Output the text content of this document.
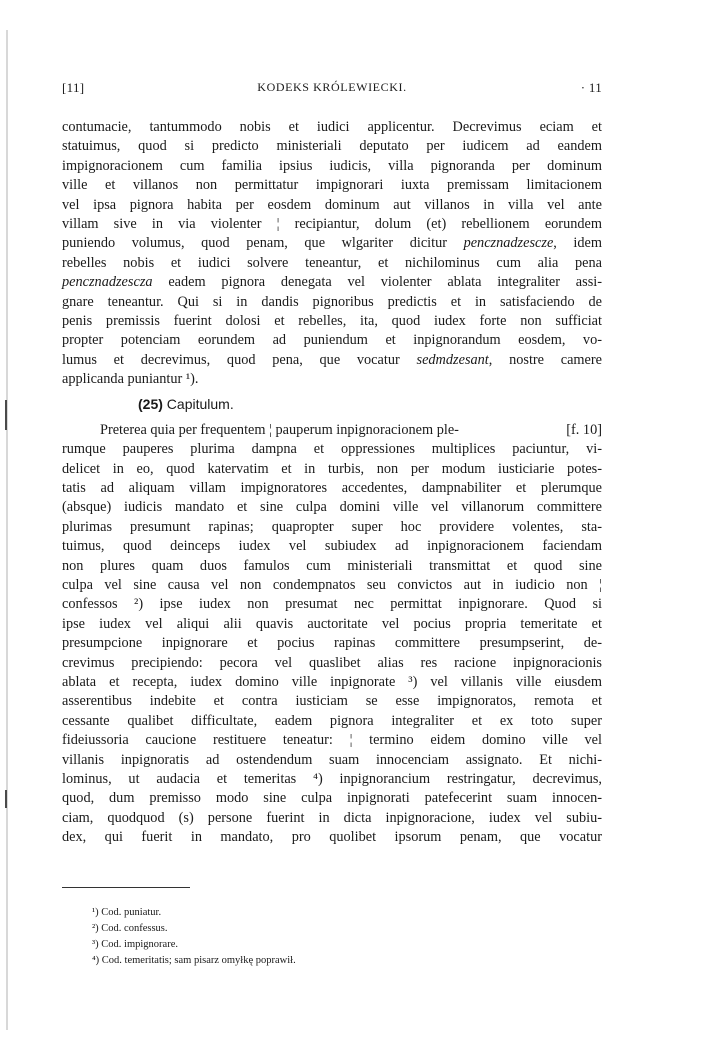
[11]	KODEKS KRÓLEWIECKI.	· 11
contumacie, tantummodo nobis et iudici applicentur. Decrevimus eciam et
statuimus, quod si predicto ministeriali deputato per iudicem ad eandem
impignoracionem cum familia ipsius iudicis, villa pignoranda per dominum
ville et villanos non permittatur impignorari iuxta premissam limitacionem
vel ipsa pignora habita per eosdem dominum aut villanos in villa vel ante
villam sive in via violenter ¦ recipiantur, dolum (et) rebellionem eorundem
puniendo volumus, quod penam, que wlgariter dicitur pencznadzescze, idem
rebelles nobis et iudici solvere teneantur, et nichilominus cum alia pena
pencznadzescza eadem pignora denegata vel violenter ablata integraliter assi-
gnare teneantur. Qui si in dandis pignoribus predictis et in satisfaciendo de
penis premissis fuerint dolosi et rebelles, ita, quod iudex forte non sufficiat
propter potenciam eorundem ad puniendum et inpignorandum eosdem, vo-
lumus et decrevimus, quod pena, que vocatur sedmdzesant, nostre camere
applicanda puniantur ¹).
(25) Capitulum.
Preterea quia per frequentem ¦ pauperum inpignoracionem ple-	[f. 10]
rumque pauperes plurima dampna et oppressiones multiplices paciuntur, vi-
delicet in eo, quod katervatim et in turbis, non per modum iusticiarie potes-
tatis ad aliquam villam impignoratores accedentes, dampnabiliter et plerumque
(absque) iudicis mandato et sine culpa domini ville vel villanorum committere
plurimas presumunt rapinas; quapropter super hoc providere volentes, sta-
tuimus, quod deinceps iudex vel subiudex ad inpignoracionem faciendam
non plures quam duos famulos cum ministeriali transmittat et quod sine
culpa vel sine causa vel non condempnatos seu convictos aut in iudicio non ¦
confessos ²) ipse iudex non presumat nec permittat inpignorare. Quod si
ipse iudex vel aliqui alii quavis auctoritate vel pocius propria temeritate et
presumpcione inpignorare et pocius rapinas committere presumpserint, de-
crevimus precipiendo: pecora vel quaslibet alias res racione inpignoracionis
ablata et recepta, iudex domino ville inpignorate ³) vel villanis ville eiusdem
asserentibus indebite et contra iusticiam se esse impignoratos, remota et
cessante qualibet difficultate, eadem pignora integraliter et ex toto super
fideiussoria caucione restituere teneatur: ¦ termino eidem domino ville vel
villanis inpignoratis ad ostendendum suam innocenciam assignato. Et nichi-
lominus, ut audacia et temeritas ⁴) inpignorancium restringatur, decrevimus,
quod, dum premisso modo sine culpa inpignorati patefecerint suam innocen-
ciam, quodquod (s) persone fuerint in dicta inpignoracione, iudex vel subiu-
dex, qui fuerit in mandato, pro quolibet ipsorum penam, que vocatur
¹) Cod. puniatur.
²) Cod. confessus.
³) Cod. impignorare.
⁴) Cod. temeritatis; sam pisarz omyłkę poprawił.
